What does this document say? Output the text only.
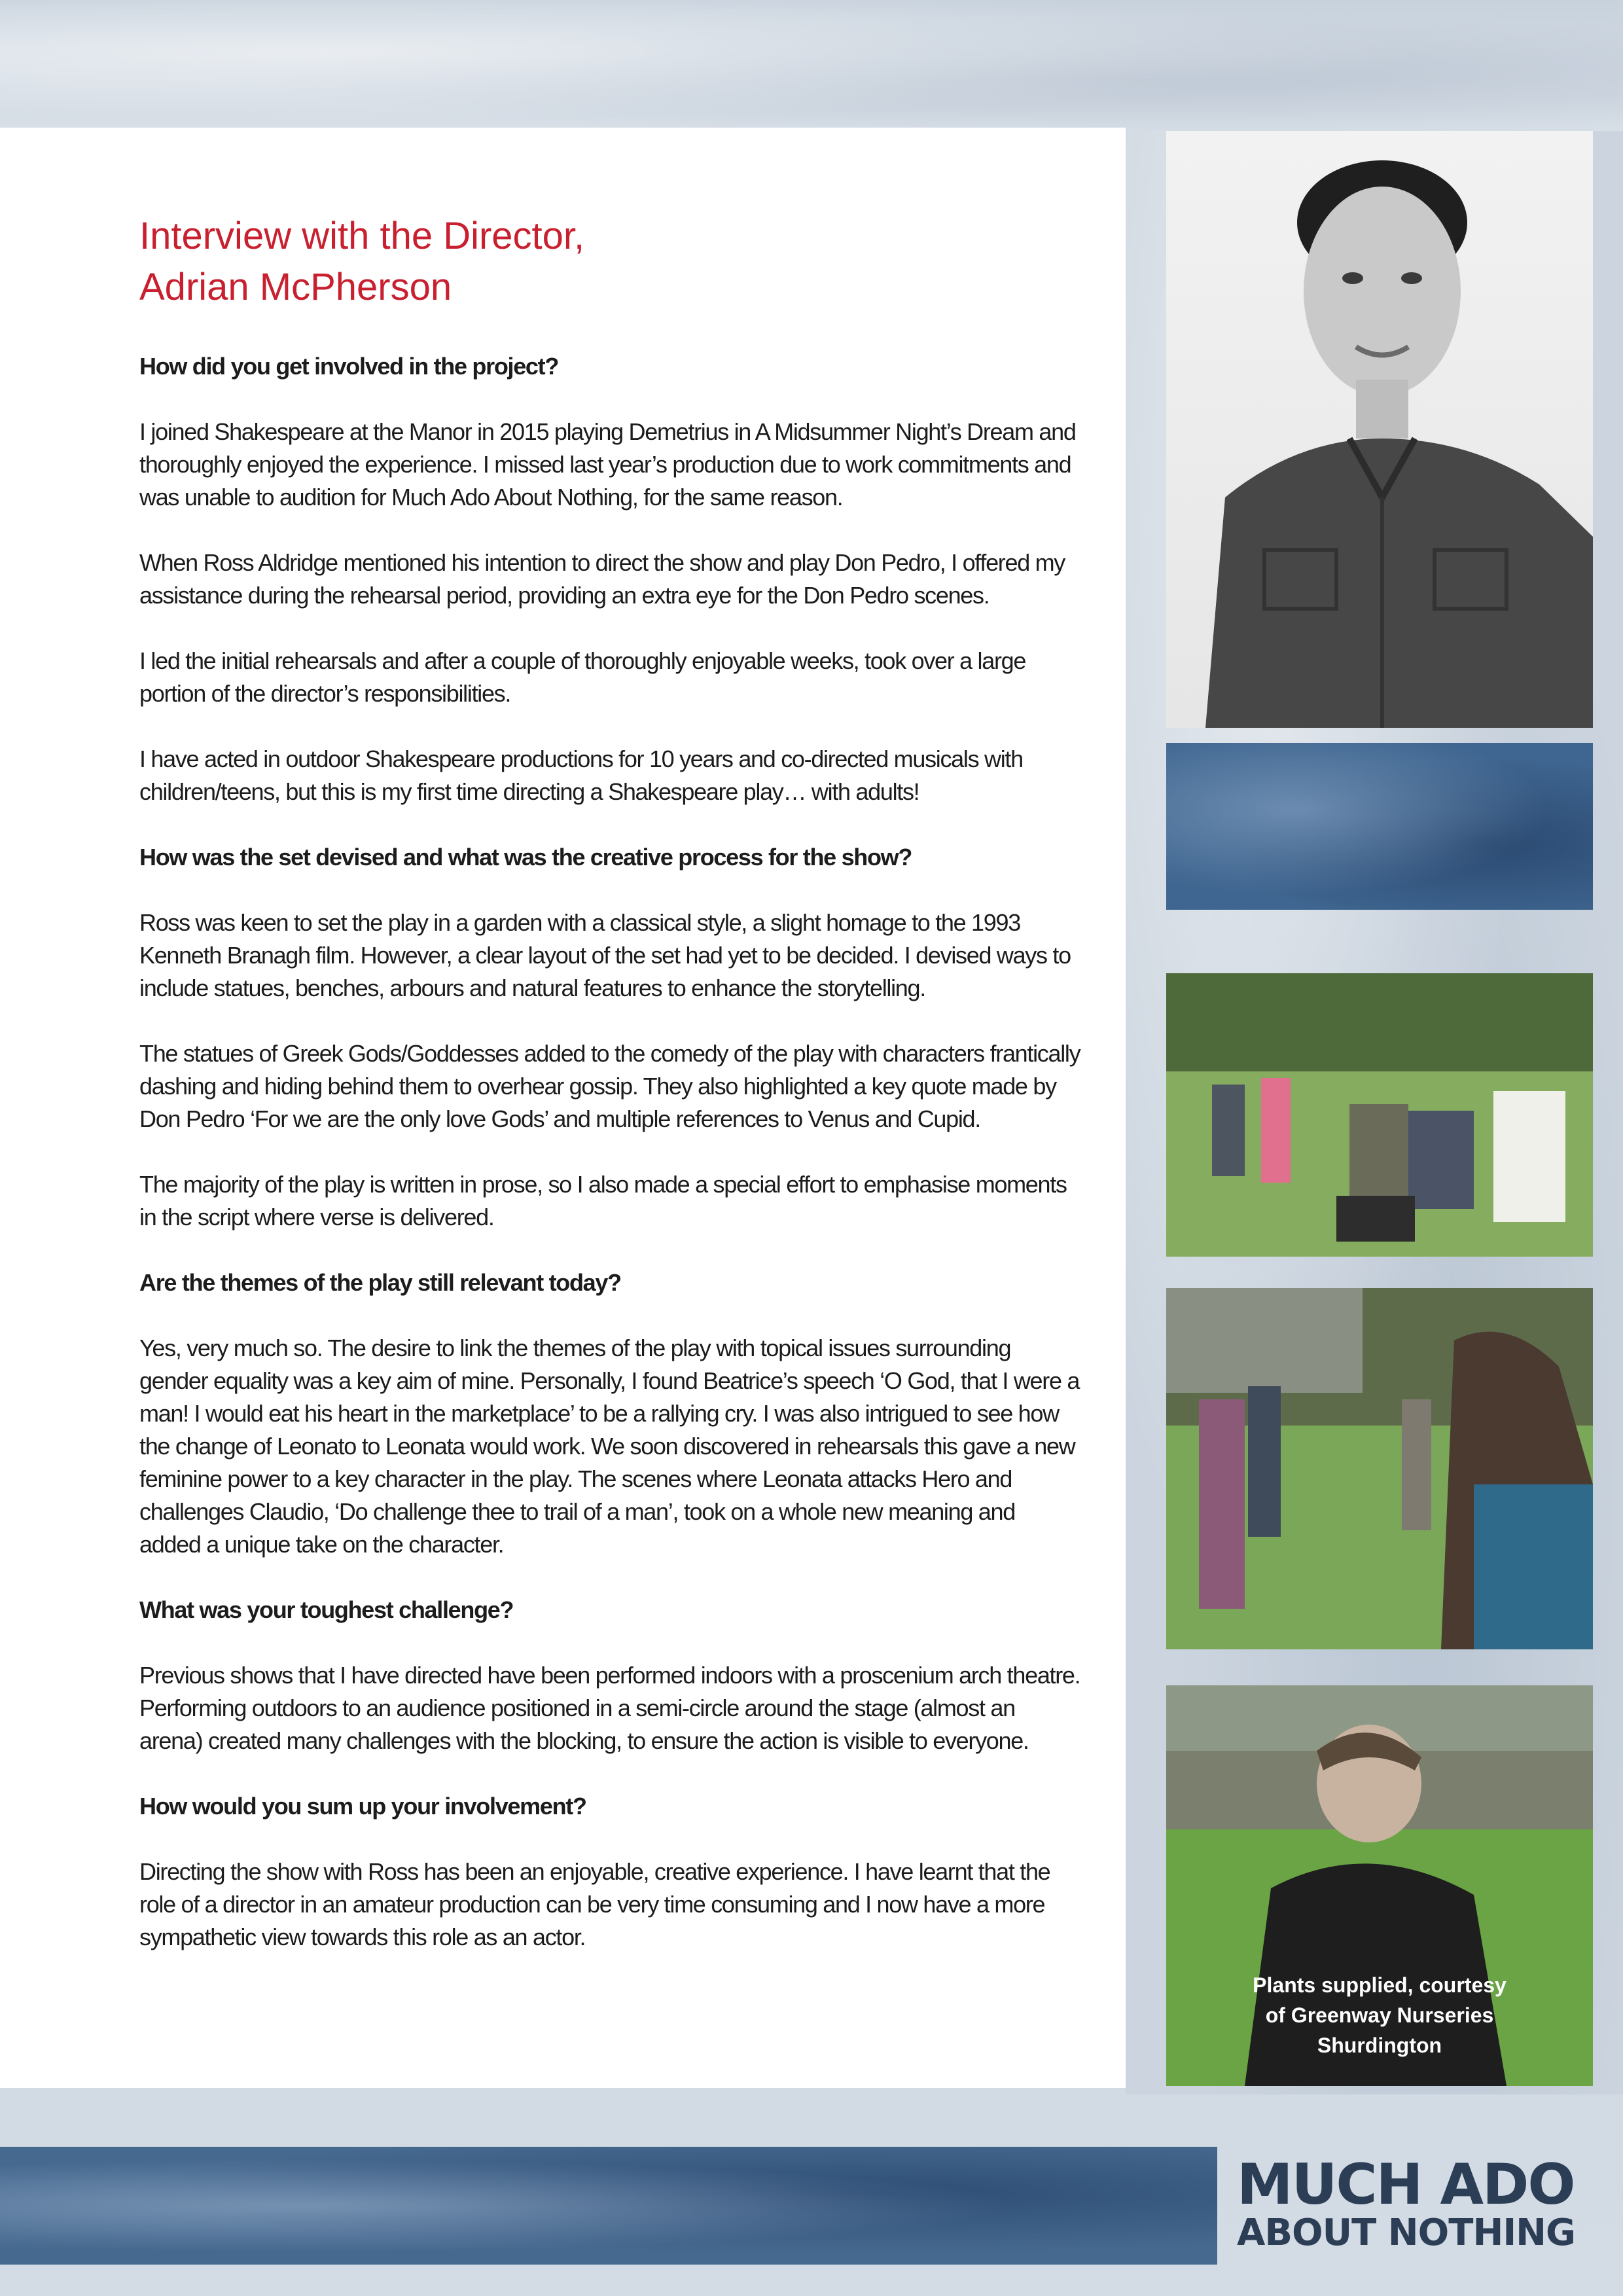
Interview with the Director,
Adrian McPherson
How did you get involved in the project?
I joined Shakespeare at the Manor in 2015 playing Demetrius in A Midsummer Night’s Dream and thoroughly enjoyed the experience. I missed last year’s production due to work commitments and was unable to audition for Much Ado About Nothing, for the same reason.
When Ross Aldridge mentioned his intention to direct the show and play Don Pedro, I offered my assistance during the rehearsal period, providing an extra eye for the Don Pedro scenes.
I led the initial rehearsals and after a couple of thoroughly enjoyable weeks, took over a large portion of the director’s responsibilities.
I have acted in outdoor Shakespeare productions for 10 years and co-directed musicals with children/teens, but this is my first time directing a Shakespeare play… with adults!
How was the set devised and what was the creative process for the show?
Ross was keen to set the play in a garden with a classical style, a slight homage to the 1993 Kenneth Branagh film. However, a clear layout of the set had yet to be decided. I devised ways to include statues, benches, arbours and natural features to enhance the storytelling.
The statues of Greek Gods/Goddesses added to the comedy of the play with characters frantically dashing and hiding behind them to overhear gossip. They also highlighted a key quote made by Don Pedro ‘For we are the only love Gods’ and multiple references to Venus and Cupid.
The majority of the play is written in prose, so I also made a special effort to emphasise moments in the script where verse is delivered.
Are the themes of the play still relevant today?
Yes, very much so. The desire to link the themes of the play with topical issues surrounding gender equality was a key aim of mine. Personally, I found Beatrice’s speech ‘O God, that I were a man! I would eat his heart in the marketplace’ to be a rallying cry. I was also intrigued to see how the change of Leonato to Leonata would work. We soon discovered in rehearsals this gave a new feminine power to a key character in the play. The scenes where Leonata attacks Hero and challenges Claudio, ‘Do challenge thee to trail of a man’, took on a whole new meaning and added a unique take on the character.
What was your toughest challenge?
Previous shows that I have directed have been performed indoors with a proscenium arch theatre. Performing outdoors to an audience positioned in a semi-circle around the stage (almost an arena) created many challenges with the blocking, to ensure the action is visible to everyone.
How would you sum up your involvement?
Directing the show with Ross has been an enjoyable, creative experience. I have learnt that the role of a director in an amateur production can be very time consuming and I now have a more sympathetic view towards this role as an actor.
Plants supplied, courtesy
of Greenway Nurseries
Shurdington
MUCH ADO
ABOUT NOTHING
